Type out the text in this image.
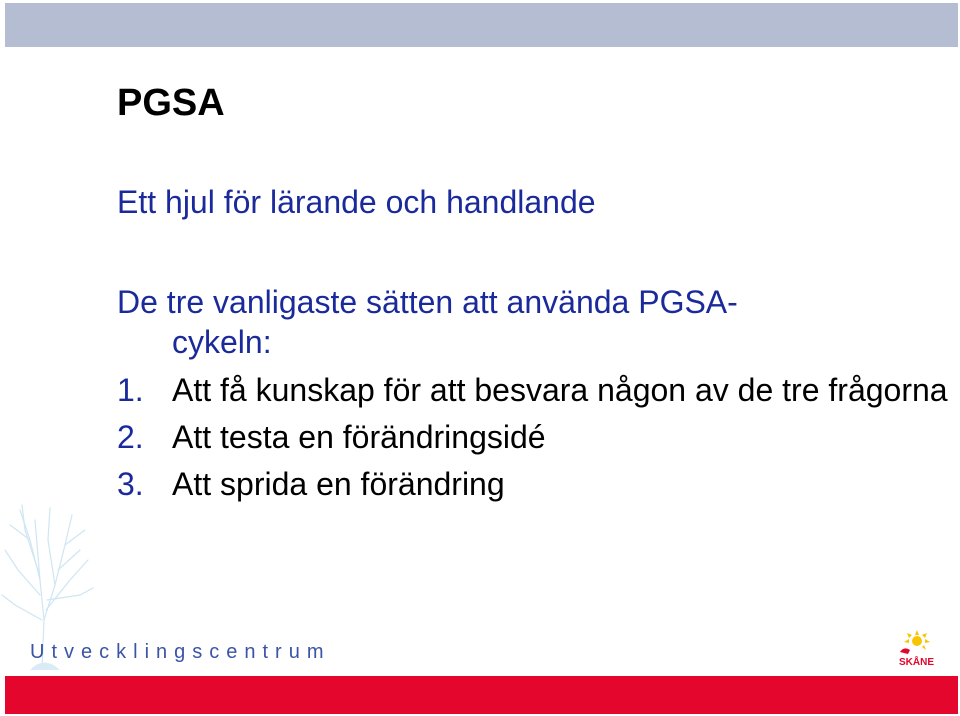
PGSA

Ett hjul för lärande och handlande

De tre vanligaste sätten att använda PGSA-
cykeln:

1. Att få kunskap för att besvara någon av de tre frågorna
2. Att testa en förändringsidé
3. Att sprida en förändring

Utvecklingscentrum	SKÅNE
